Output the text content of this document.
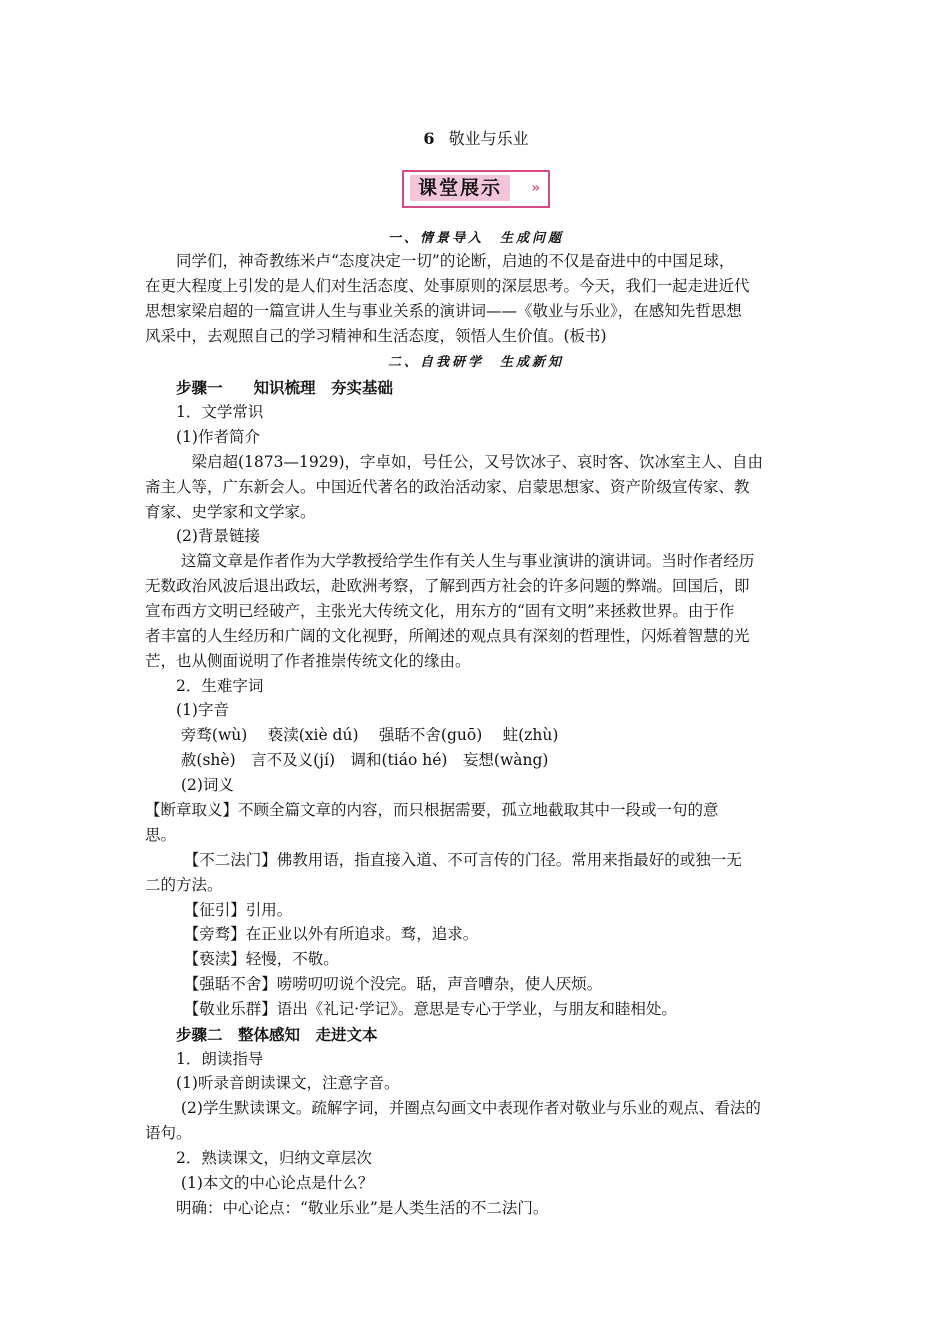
6 敬业与乐业
课堂展示 »
一、情景导入　生成问题
　　同学们，神奇教练米卢“态度决定一切”的论断，启迪的不仅是奋进中的中国足球，
在更大程度上引发的是人们对生活态度、处事原则的深层思考。今天，我们一起走进近代
思想家梁启超的一篇宣讲人生与事业关系的演讲词——《敬业与乐业》，在感知先哲思想
风采中，去观照自己的学习精神和生活态度，领悟人生价值。(板书)
二、自我研学　生成新知
　　步骤一　　知识梳理　夯实基础
　　1．文学常识
　　(1)作者简介
　　　梁启超(1873—1929)，字卓如，号任公，又号饮冰子、哀时客、饮冰室主人、自由
斋主人等，广东新会人。中国近代著名的政治活动家、启蒙思想家、资产阶级宣传家、教
育家、史学家和文学家。
　　(2)背景链接
　　 这篇文章是作者作为大学教授给学生作有关人生与事业演讲的演讲词。当时作者经历
无数政治风波后退出政坛，赴欧洲考察，了解到西方社会的许多问题的弊端。回国后，即
宣布西方文明已经破产，主张光大传统文化，用东方的“固有文明”来拯救世界。由于作
者丰富的人生经历和广阔的文化视野，所阐述的观点具有深刻的哲理性，闪烁着智慧的光
芒，也从侧面说明了作者推崇传统文化的缘由。
　　2．生难字词
　　(1)字音
　　 旁骛(wù)　 亵渎(xiè dú)　 强聒不舍(guō)　 蛀(zhù)
　　 赦(shè)　言不及义(jí)　调和(tiáo hé)　妄想(wàng)
　　 (2)词义
【断章取义】不顾全篇文章的内容，而只根据需要，孤立地截取其中一段或一句的意
思。
　　　【不二法门】佛教用语，指直接入道、不可言传的门径。常用来指最好的或独一无
二的方法。
　　　【征引】引用。
　　　【旁骛】在正业以外有所追求。骛，追求。
　　　【亵渎】轻慢，不敬。
　　　【强聒不舍】唠唠叨叨说个没完。聒，声音嘈杂，使人厌烦。
　　　【敬业乐群】语出《礼记·学记》。意思是专心于学业，与朋友和睦相处。
　　步骤二　整体感知　走进文本
　　1．朗读指导
　　(1)听录音朗读课文，注意字音。
　　 (2)学生默读课文。疏解字词，并圈点勾画文中表现作者对敬业与乐业的观点、看法的
语句。
　　2．熟读课文，归纳文章层次
　　 (1)本文的中心论点是什么？
　　明确：中心论点：“敬业乐业”是人类生活的不二法门。
